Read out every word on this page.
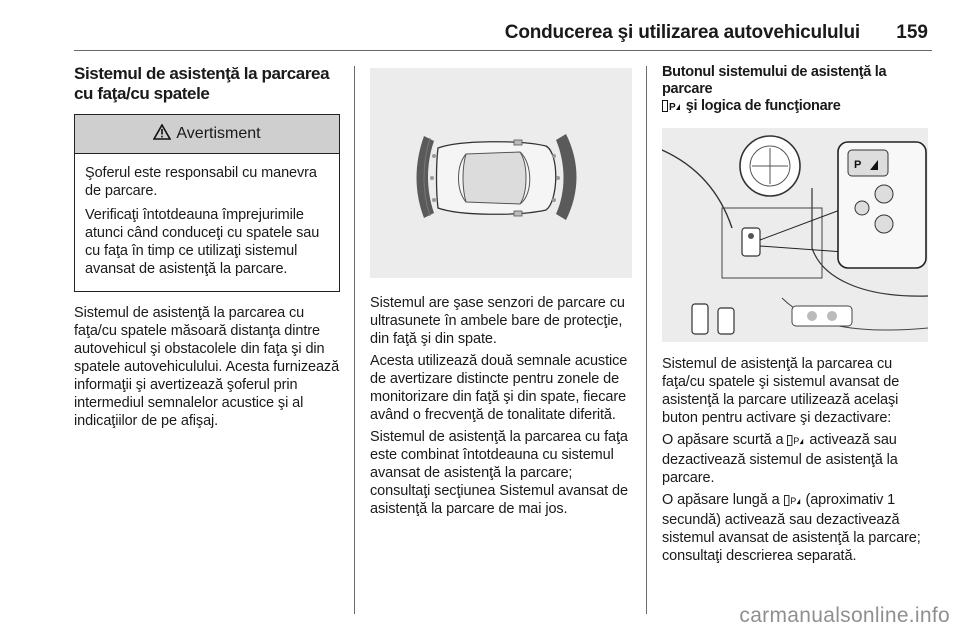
Conducerea şi utilizarea autovehiculului	159
Sistemul de asistenţă la parcarea cu faţa/cu spatele
Avertisment

Şoferul este responsabil cu manevra de parcare.

Verificaţi întotdeauna împrejurimile atunci când conduceţi cu spatele sau cu faţa în timp ce utilizaţi sistemul avansat de asistenţă la parcare.

Sistemul de asistenţă la parcarea cu faţa/cu spatele măsoară distanţa dintre autovehicul şi obstacolele din faţa şi din spatele autovehiculului. Acesta furnizează informaţii şi avertizează şoferul prin intermediul semnalelor acustice şi al indicaţiilor de pe afişaj.

Sistemul are şase senzori de parcare cu ultrasunete în ambele bare de protecţie, din faţă şi din spate.

Acesta utilizează două semnale acustice de avertizare distincte pentru zonele de monitorizare din faţă şi din spate, fiecare având o frecvenţă de tonalitate diferită.

Sistemul de asistenţă la parcarea cu faţa este combinat întotdeauna cu sistemul avansat de asistenţă la parcare; consultaţi secţiunea Sistemul avansat de asistenţă la parcare de mai jos.

Butonul sistemului de asistenţă la parcare

P şi logica de funcţionare
P

Sistemul de asistenţă la parcarea cu faţa/cu spatele şi sistemul avansat de asistenţă la parcare utilizează acelaşi buton pentru activare şi dezactivare:

O apăsare scurtă a P activează sau dezactivează sistemul de asistenţă la parcare.

O apăsare lungă a P (aproximativ 1 secundă) activează sau dezactivează sistemul avansat de asistenţă la parcare; consultaţi descrierea separată.

carmanualsonline.info
